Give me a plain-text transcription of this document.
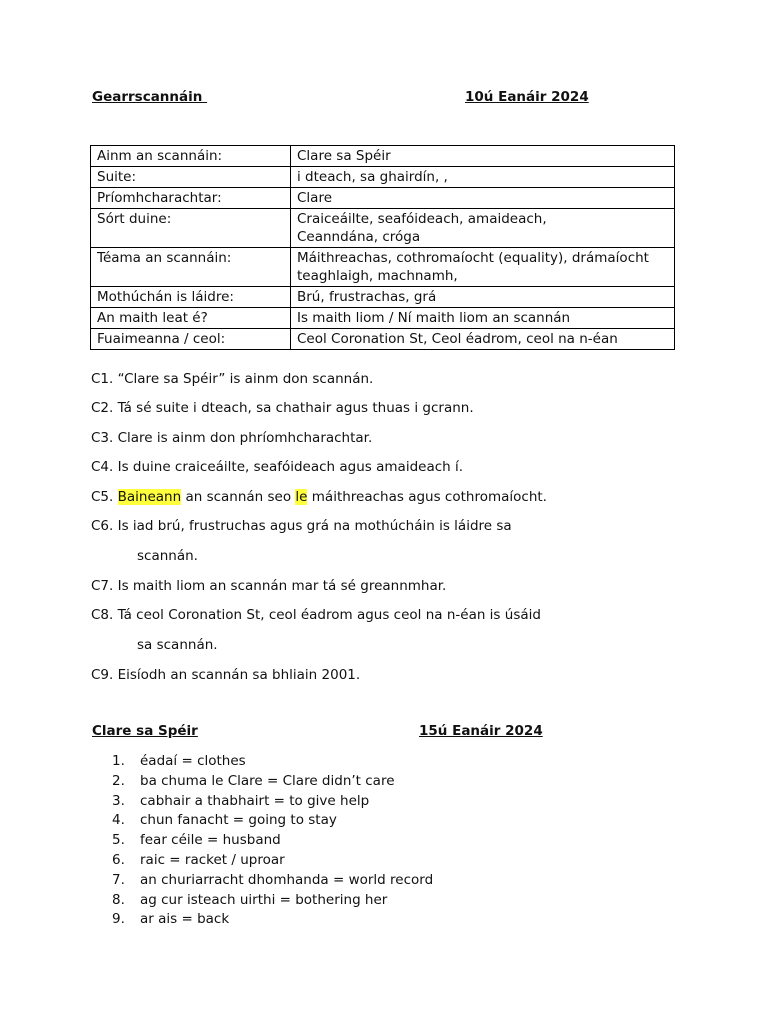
Gearrscannáin	10ú Eanáir 2024
Ainm an scannáin:	Clare sa Spéir
Suite:	i dteach, sa ghairdín, ,
Príomhcharachtar:	Clare
Sórt duine:	Craiceáilte, seafóideach, amaideach,
Ceanndána, cróga

Téama an scannáin:	Máithreachas, cothromaíocht (equality), drámaíocht
teaghlaigh, machnamh,

Mothúchán is láidre:	Brú, frustrachas, grá
An maith leat é?	Is maith liom / Ní maith liom an scannán
Fuaimeanna / ceol:	Ceol Coronation St, Ceol éadrom, ceol na n-éan
C1. “Clare sa Spéir” is ainm don scannán.
C2. Tá sé suite i dteach, sa chathair agus thuas i gcrann.
C3. Clare is ainm don phríomhcharachtar.
C4. Is duine craiceáilte, seafóideach agus amaideach í.
C5. Baineann an scannán seo le máithreachas agus cothromaíocht.
C6. Is iad brú, frustruchas agus grá na mothúcháin is láidre sa
scannán.
C7. Is maith liom an scannán mar tá sé greannmhar.
C8. Tá ceol Coronation St, ceol éadrom agus ceol na n-éan is úsáid
sa scannán.
C9. Eisíodh an scannán sa bhliain 2001.
Clare sa Spéir	15ú Eanáir 2024
1. éadaí = clothes
2. ba chuma le Clare = Clare didn’t care
3. cabhair a thabhairt = to give help
4. chun fanacht = going to stay
5. fear céile = husband
6. raic = racket / uproar
7. an churiarracht dhomhanda = world record
8. ag cur isteach uirthi = bothering her
9. ar ais = back
